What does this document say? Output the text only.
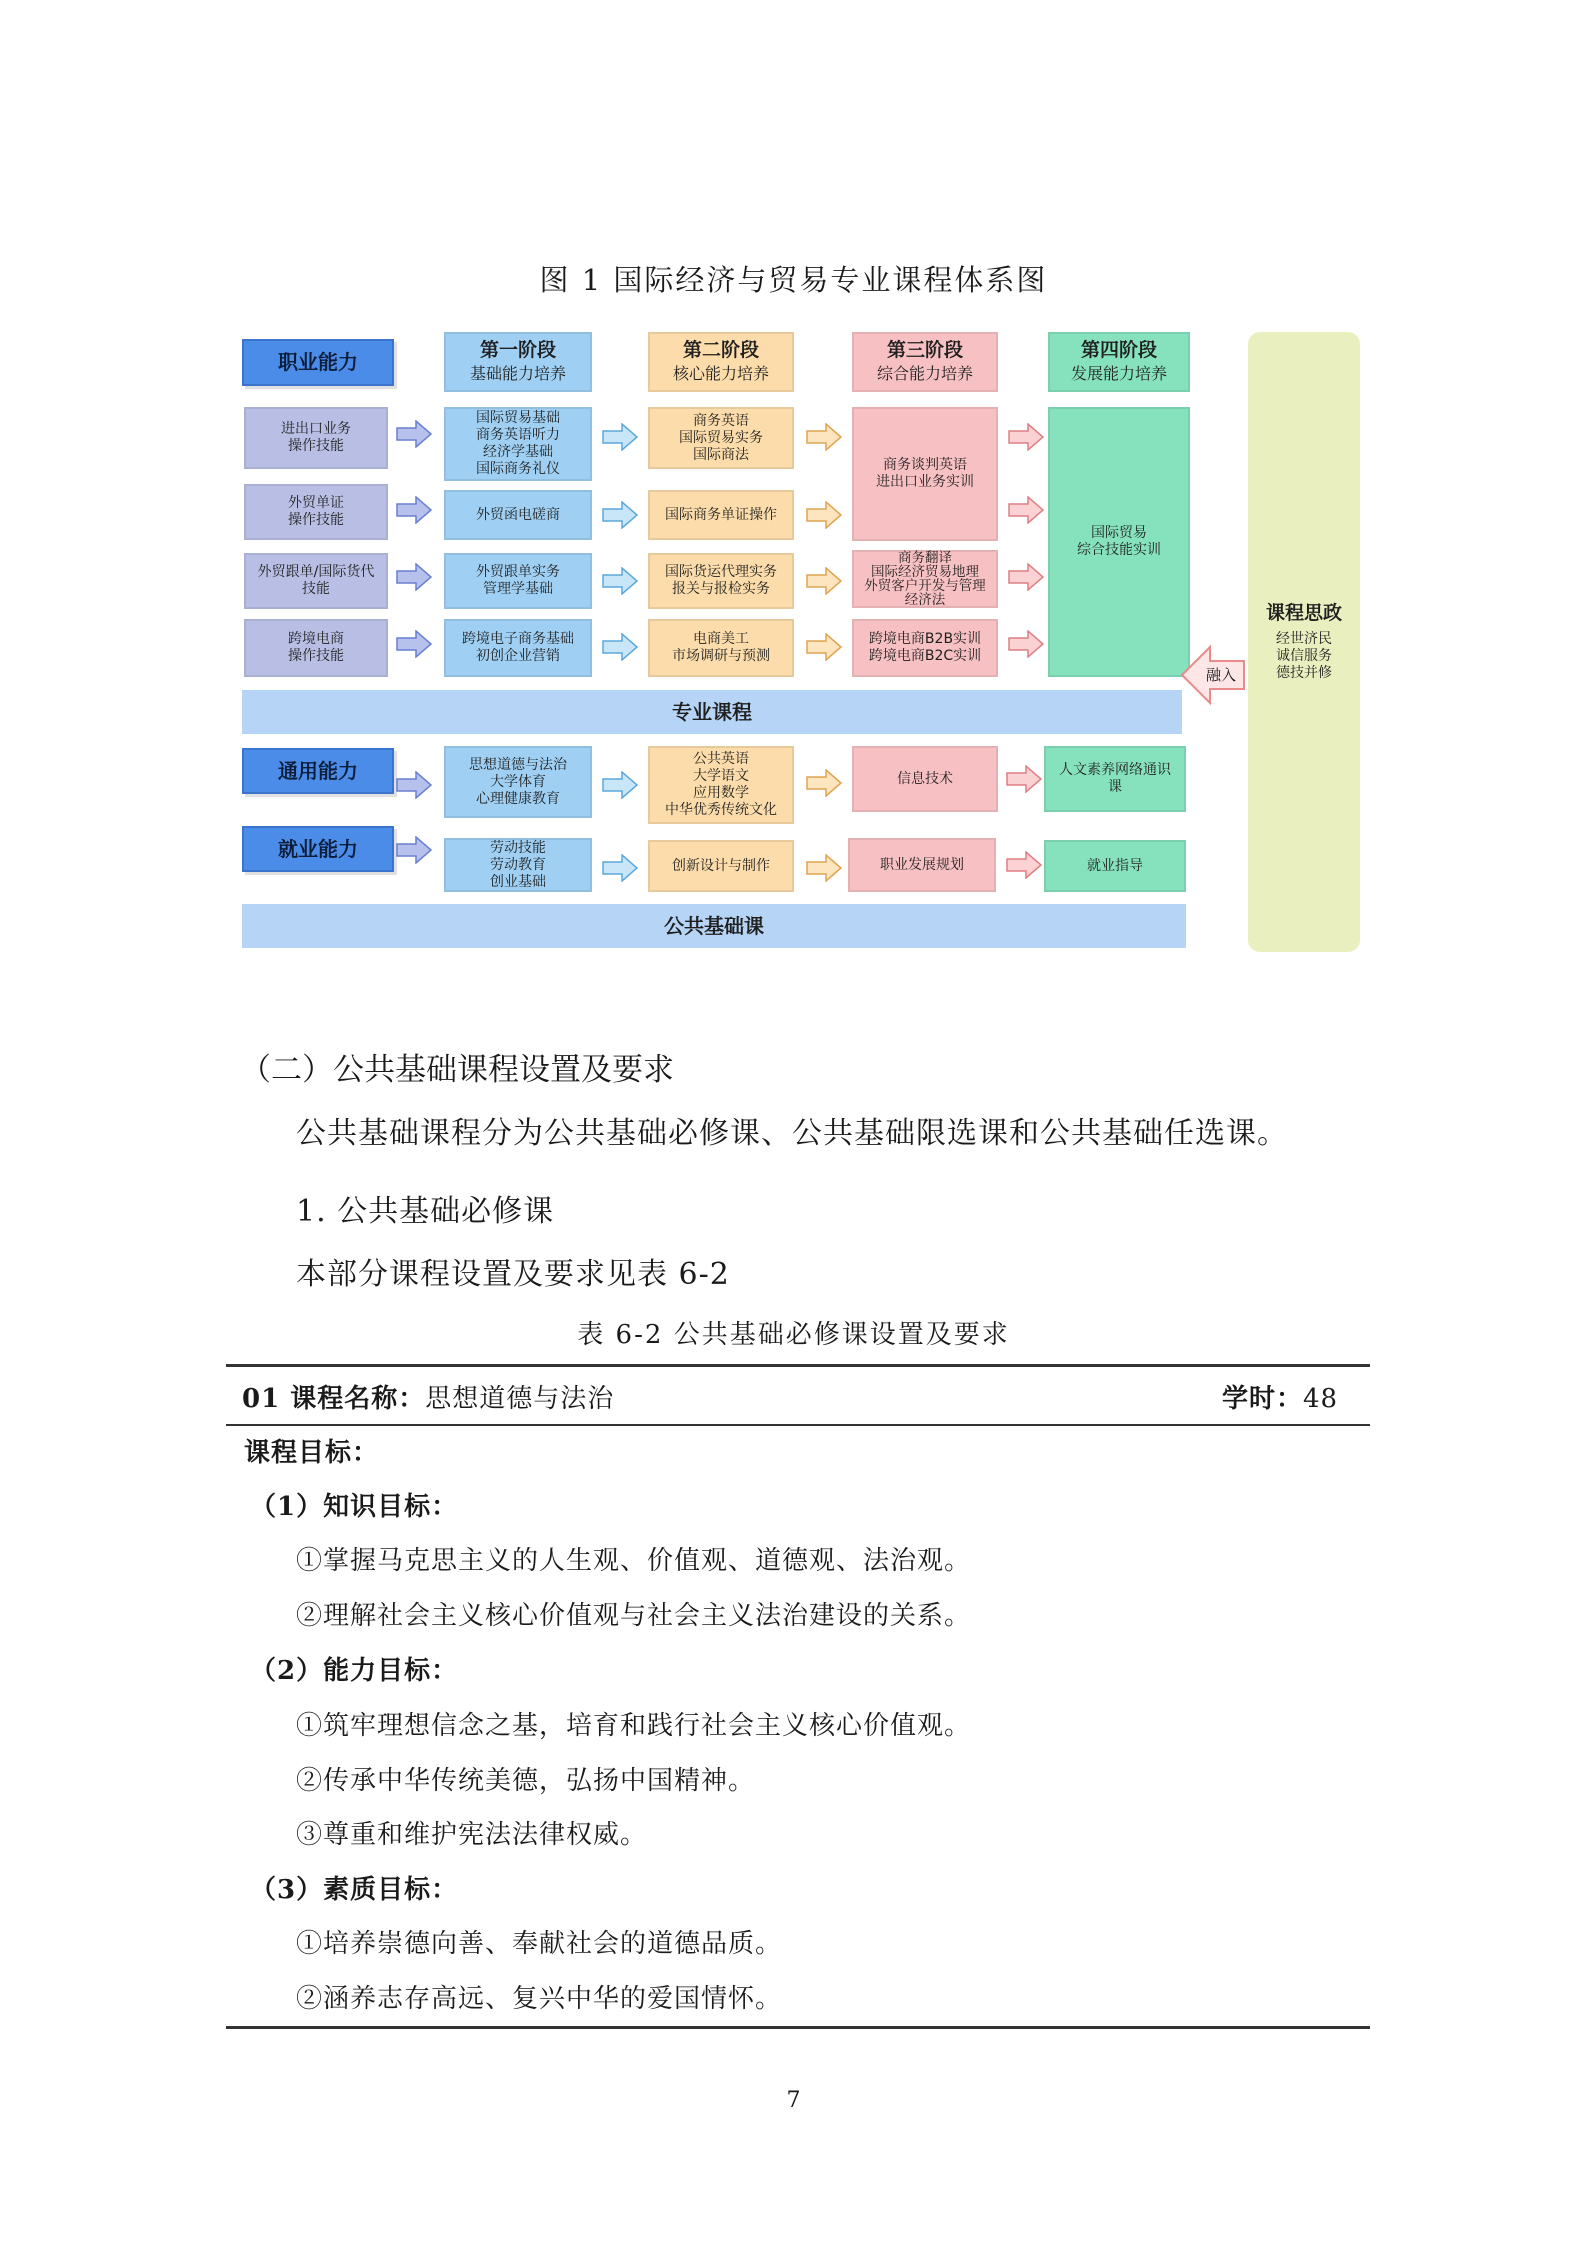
图 1 国际经济与贸易专业课程体系图
职业能力	第一阶段
基础能力培养
第二阶段
核心能力培养
第三阶段
综合能力培养
第四阶段
发展能力培养
进出口业务
操作技能
外贸单证
操作技能
外贸跟单/国际货代
技能
跨境电商
操作技能
国际贸易基础
商务英语听力
经济学基础
国际商务礼仪
外贸函电磋商
外贸跟单实务
管理学基础
跨境电子商务基础
初创企业营销
商务英语
国际贸易实务
国际商法
国际商务单证操作
国际货运代理实务
报关与报检实务
电商美工
市场调研与预测
商务谈判英语
进出口业务实训
商务翻译
国际经济贸易地理
外贸客户开发与管理
经济法
跨境电商B2B实训
跨境电商B2C实训
国际贸易
综合技能实训
专业课程
通用能力	思想道德与法治
大学体育
心理健康教育
公共英语
大学语文
应用数学
中华优秀传统文化
信息技术
人文素养网络通识
课
就业能力	劳动技能
劳动教育
创业基础
创新设计与制作	职业发展规划	就业指导
公共基础课
课程思政
经世济民
诚信服务
德技并修
融入
（二）公共基础课程设置及要求
公共基础课程分为公共基础必修课、公共基础限选课和公共基础任选课。
1. 公共基础必修课
本部分课程设置及要求见表 6-2
表 6-2 公共基础必修课设置及要求
01 课程名称：思想道德与法治	学时：48
课程目标：
（1）知识目标：
①掌握马克思主义的人生观、价值观、道德观、法治观。
②理解社会主义核心价值观与社会主义法治建设的关系。
（2）能力目标：
①筑牢理想信念之基，培育和践行社会主义核心价值观。
②传承中华传统美德，弘扬中国精神。
③尊重和维护宪法法律权威。
（3）素质目标：
①培养崇德向善、奉献社会的道德品质。
②涵养志存高远、复兴中华的爱国情怀。
7
